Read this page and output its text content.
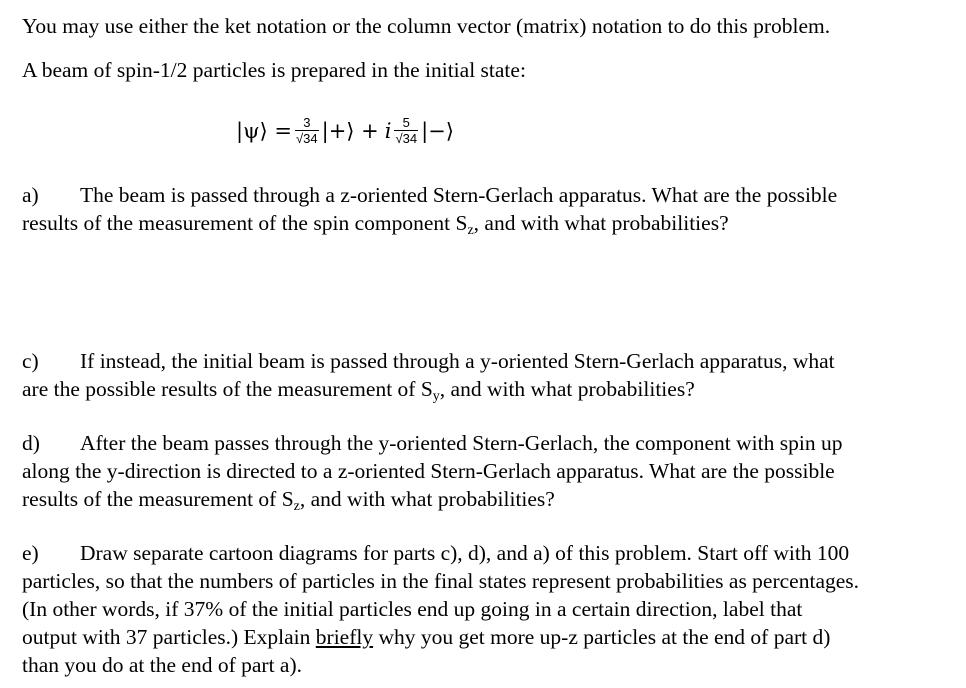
You may use either the ket notation or the column vector (matrix) notation to do this problem.
A beam of spin-1/2 particles is prepared in the initial state:
|ψ⟩ = $\frac{3}{√34}$ |+⟩ + i $\frac{5}{√34}$ |−⟩
a) The beam is passed through a z-oriented Stern-Gerlach apparatus. What are the possible
results of the measurement of the spin component $S_z$, and with what probabilities?
c) If instead, the initial beam is passed through a y-oriented Stern-Gerlach apparatus, what
are the possible results of the measurement of $S_y$, and with what probabilities?
d) After the beam passes through the y-oriented Stern-Gerlach, the component with spin up
along the y-direction is directed to a z-oriented Stern-Gerlach apparatus. What are the possible
results of the measurement of $S_z$, and with what probabilities?
e) Draw separate cartoon diagrams for parts c), d), and a) of this problem. Start off with 100
particles, so that the numbers of particles in the final states represent probabilities as percentages.
(In other words, if 37% of the initial particles end up going in a certain direction, label that
output with 37 particles.) Explain briefly why you get more up-z particles at the end of part d)
than you do at the end of part a).
